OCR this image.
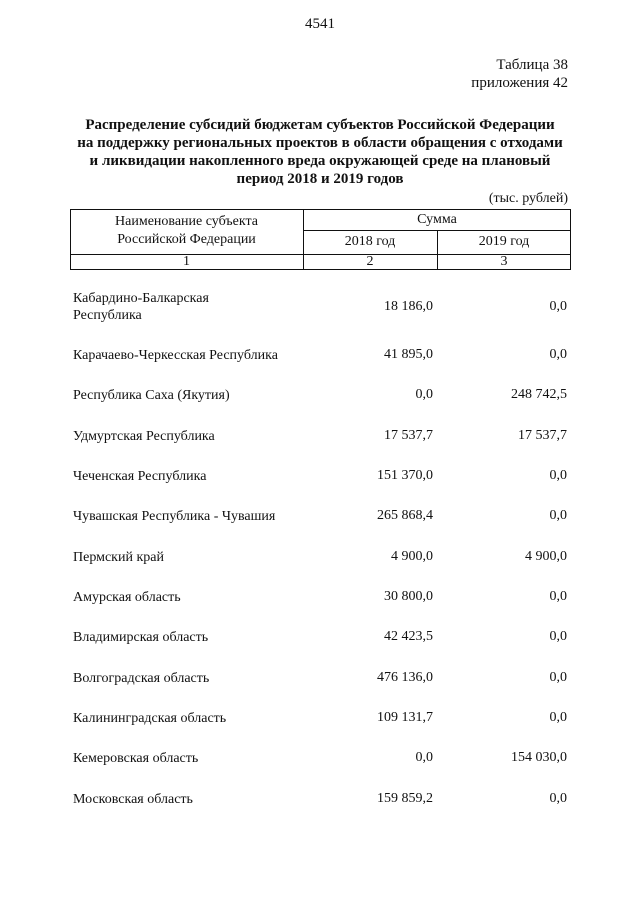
4541
Таблица 38
приложения 42
Распределение субсидий бюджетам субъектов Российской Федерации
на поддержку региональных проектов в области обращения с отходами
и ликвидации накопленного вреда окружающей среде на плановый
период 2018 и 2019 годов
(тыс. рублей)
Наименование субъекта
Российской Федерации
Сумма
2018 год	2019 год
1	2	3
Кабардино-Балкарская
Республика
18 186,0	0,0
Карачаево-Черкесская Республика	41 895,0	0,0
Республика Саха (Якутия)	0,0	248 742,5
Удмуртская Республика	17 537,7	17 537,7
Чеченская Республика	151 370,0	0,0
Чувашская Республика - Чувашия	265 868,4	0,0
Пермский край	4 900,0	4 900,0
Амурская область	30 800,0	0,0
Владимирская область	42 423,5	0,0
Волгоградская область	476 136,0	0,0
Калининградская область	109 131,7	0,0
Кемеровская область	0,0	154 030,0
Московская область	159 859,2	0,0
